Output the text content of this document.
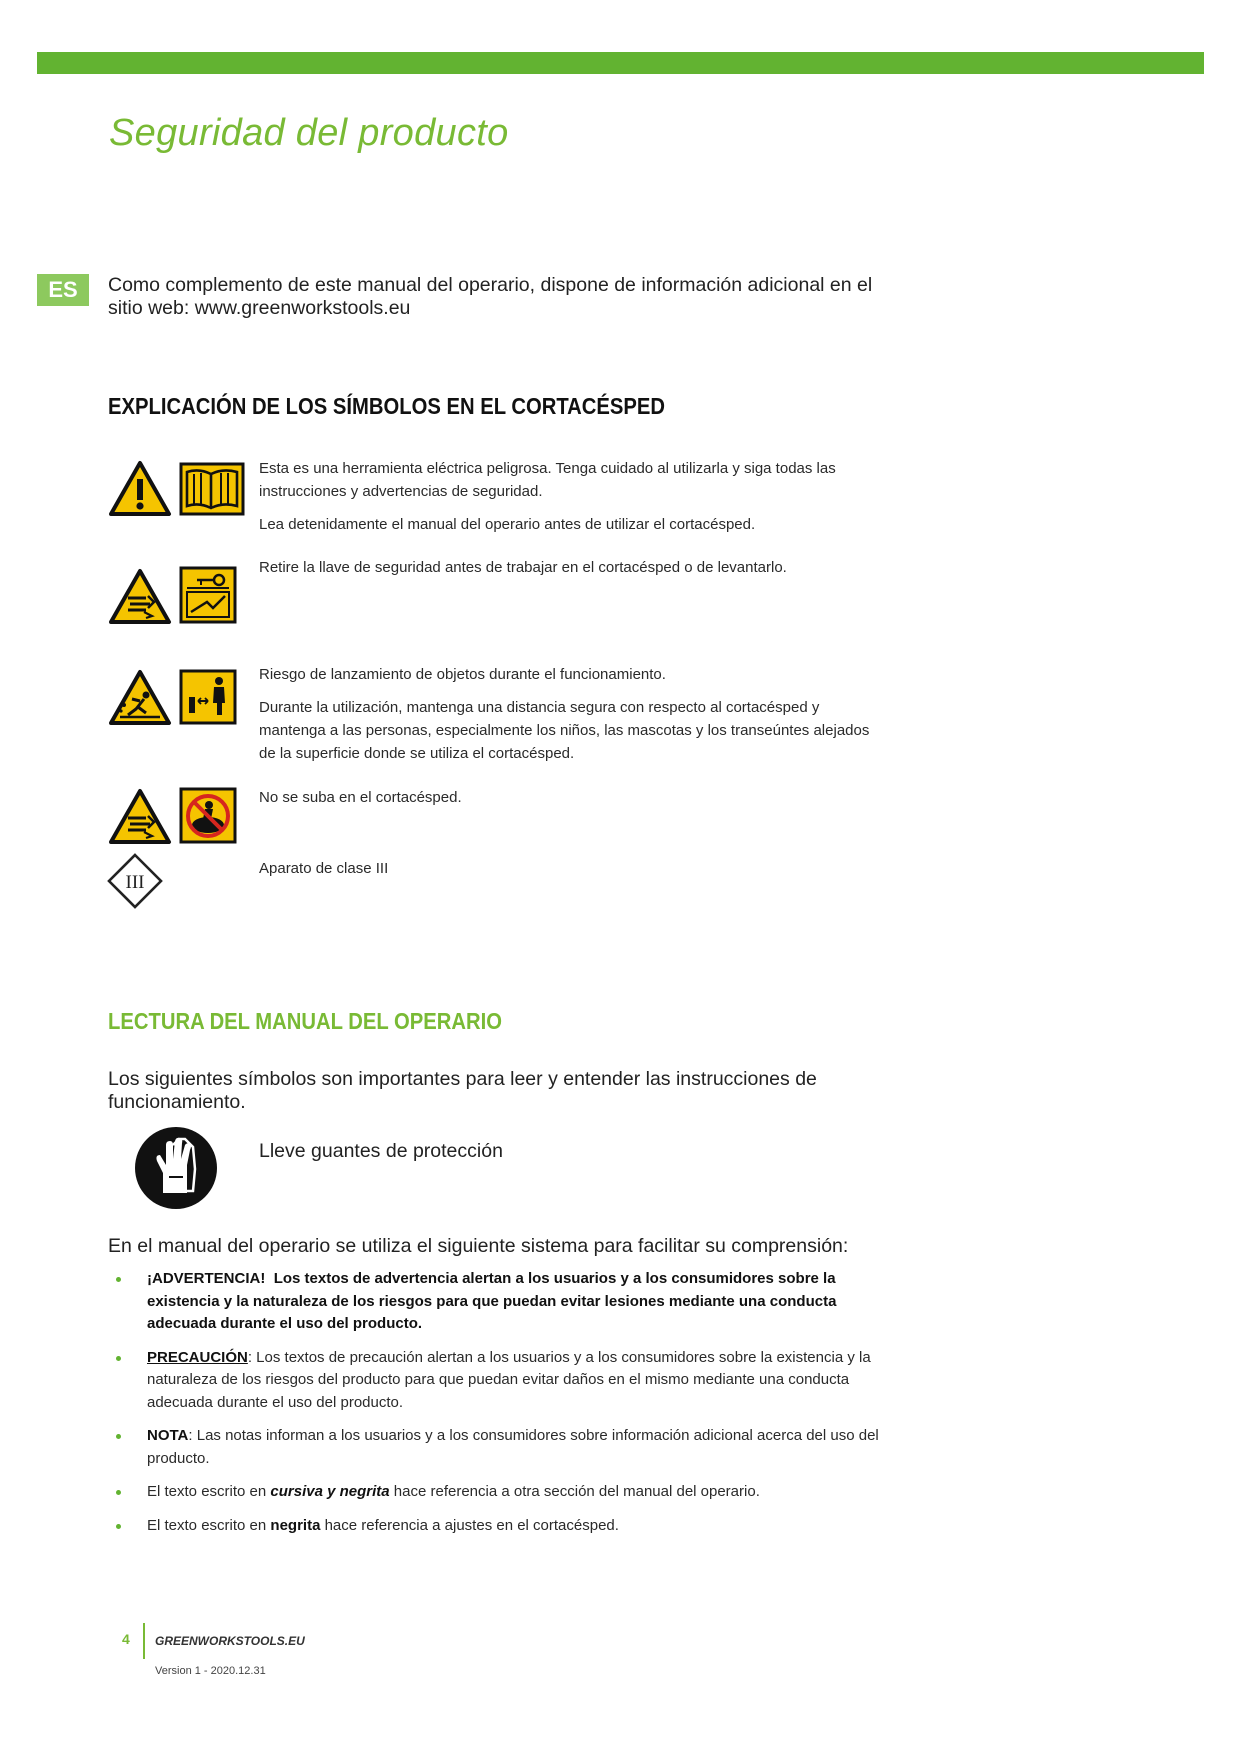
Seguridad del producto
ES	Como complemento de este manual del operario, dispone de información adicional en el sitio web: www.greenworkstools.eu
EXPLICACIÓN DE LOS SÍMBOLOS EN EL CORTACÉSPED

Esta es una herramienta eléctrica peligrosa. Tenga cuidado al utilizarla y siga todas las instrucciones y advertencias de seguridad.

Lea detenidamente el manual del operario antes de utilizar el cortacésped.

Retire la llave de seguridad antes de trabajar en el cortacésped o de levantarlo.

Riesgo de lanzamiento de objetos durante el funcionamiento.

Durante la utilización, mantenga una distancia segura con respecto al cortacésped y mantenga a las personas, especialmente los niños, las mascotas y los transeúntes alejados de la superficie donde se utiliza el cortacésped.

No se suba en el cortacésped.

III

Aparato de clase III

LECTURA DEL MANUAL DEL OPERARIO
Los siguientes símbolos son importantes para leer y entender las instrucciones de funcionamiento.
Lleve guantes de protección
En el manual del operario se utiliza el siguiente sistema para facilitar su comprensión:
¡ADVERTENCIA! Los textos de advertencia alertan a los usuarios y a los consumidores sobre la existencia y la naturaleza de los riesgos para que puedan evitar lesiones mediante una conducta adecuada durante el uso del producto.
PRECAUCIÓN: Los textos de precaución alertan a los usuarios y a los consumidores sobre la existencia y la naturaleza de los riesgos del producto para que puedan evitar daños en el mismo mediante una conducta adecuada durante el uso del producto.
NOTA: Las notas informan a los usuarios y a los consumidores sobre información adicional acerca del uso del producto.
El texto escrito en cursiva y negrita hace referencia a otra sección del manual del operario.
El texto escrito en negrita hace referencia a ajustes en el cortacésped.
4 GREENWORKSTOOLS.EU
Version 1 - 2020.12.31
